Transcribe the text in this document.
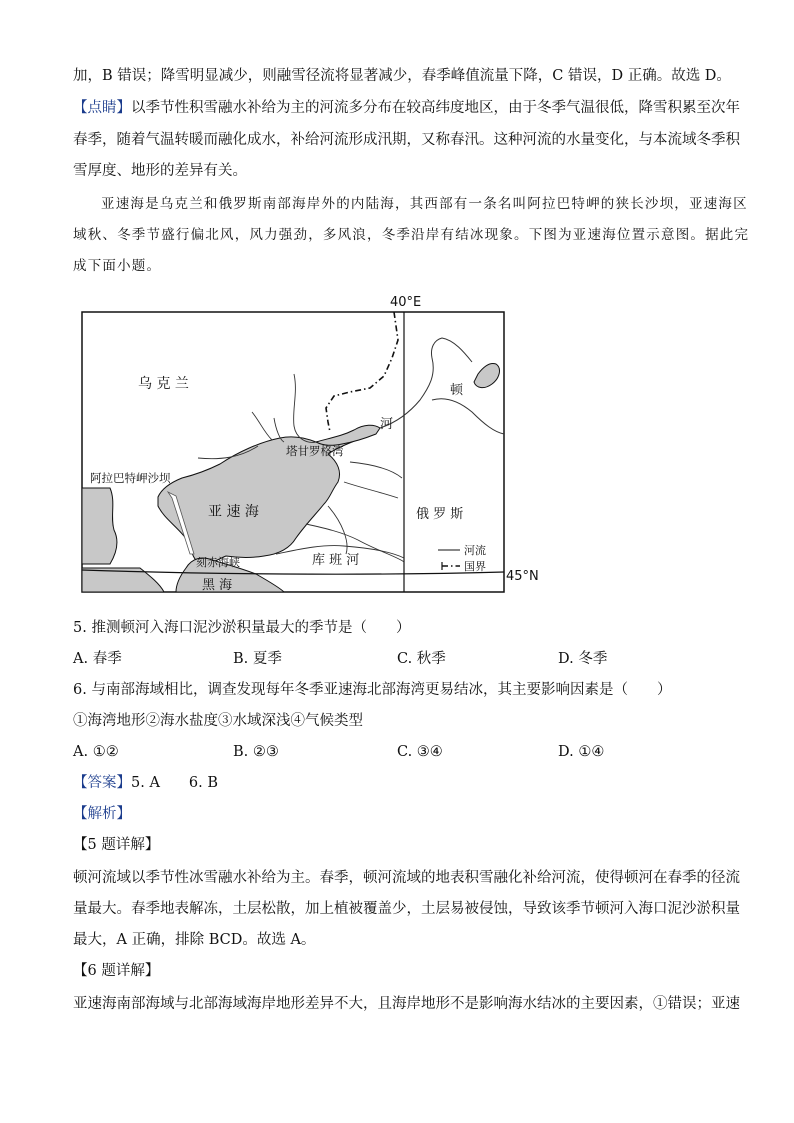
加，B 错误；降雪明显减少，则融雪径流将显著减少，春季峰值流量下降，C 错误，D 正确。故选 D。
【点睛】以季节性积雪融水补给为主的河流多分布在较高纬度地区，由于冬季气温很低，降雪积累至次年
春季，随着气温转暖而融化成水，补给河流形成汛期，又称春汛。这种河流的水量变化，与本流域冬季积
雪厚度、地形的差异有关。
亚速海是乌克兰和俄罗斯南部海岸外的内陆海，其西部有一条名叫阿拉巴特岬的狭长沙坝，亚速海区
域秋、冬季节盛行偏北风，风力强劲，多风浪，冬季沿岸有结冰现象。下图为亚速海位置示意图。据此完
成下面小题。
40°E
45°N
乌 克 兰	顿
河
塔甘罗格湾
阿拉巴特岬沙坝
亚 速 海	俄 罗 斯
刻赤海峡
黑 海
库 班 河
河流
国界
5. 推测顿河入海口泥沙淤积量最大的季节是（　　）
A. 春季	B. 夏季	C. 秋季	D. 冬季
6. 与南部海域相比，调查发现每年冬季亚速海北部海湾更易结冰，其主要影响因素是（　　）
①海湾地形②海水盐度③水域深浅④气候类型
A. ①②	B. ②③	C. ③④	D. ①④
【答案】5. A　　6. B
【解析】
【5 题详解】
顿河流域以季节性冰雪融水补给为主。春季，顿河流域的地表积雪融化补给河流，使得顿河在春季的径流
量最大。春季地表解冻，土层松散，加上植被覆盖少，土层易被侵蚀，导致该季节顿河入海口泥沙淤积量
最大，A 正确，排除 BCD。故选 A。
【6 题详解】
亚速海南部海域与北部海域海岸地形差异不大，且海岸地形不是影响海水结冰的主要因素，①错误；亚速
